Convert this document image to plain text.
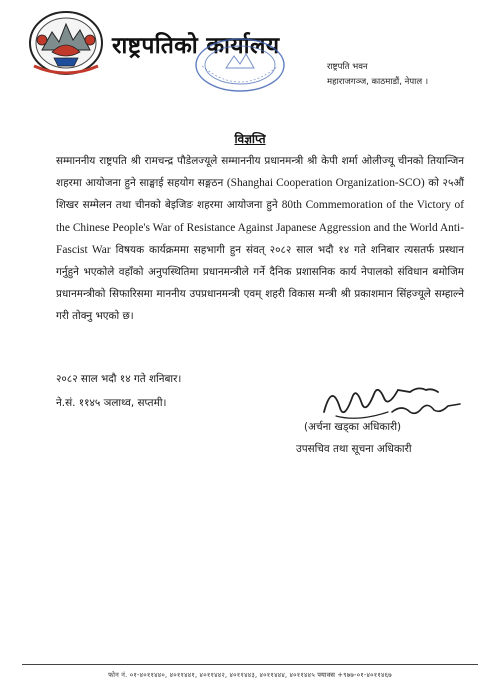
राष्ट्रपतिको कार्यालय
राष्ट्रपति भवन
महाराजगञ्ज, काठमाडौं, नेपाल ।
विज्ञप्ति
सम्माननीय राष्ट्रपति श्री रामचन्द्र पौडेलज्यूले सम्माननीय प्रधानमन्त्री श्री केपी शर्मा ओलीज्यू चीनको तियान्जिन शहरमा आयोजना हुने साङ्घाई सहयोग सङ्गठन (Shanghai Cooperation Organization-SCO) को २५औं शिखर सम्मेलन तथा चीनको बेइजिङ शहरमा आयोजना हुने 80th Commemoration of the Victory of the Chinese People's War of Resistance Against Japanese Aggression and the World Anti-Fascist War विषयक कार्यक्रममा सहभागी हुन संवत् २०८२ साल भदौ १४ गते शनिबार त्यसतर्फ प्रस्थान गर्नुहुने भएकोले वहाँको अनुपस्थितिमा प्रधानमन्त्रीले गर्ने दैनिक प्रशासनिक कार्य नेपालको संविधान बमोजिम प्रधानमन्त्रीको सिफारिसमा माननीय उपप्रधानमन्त्री एवम् शहरी विकास मन्त्री श्री प्रकाशमान सिंहज्यूले सम्हाल्ने गरी तोक्नु भएको छ।
२०८२ साल भदौ १४ गते शनिबार।
ने.सं. ११४५ ञलाथ्व, सप्तमी।
(अर्चना खड्का अधिकारी)
उपसचिव तथा सूचना अधिकारी
फोन नं. ०१-४०११४४०, ४०११४४१, ४०११४४२, ४०११४४३, ४०११४४४, ४०११४४५ फ्याक्स +९७७-०१-४०११४६७
